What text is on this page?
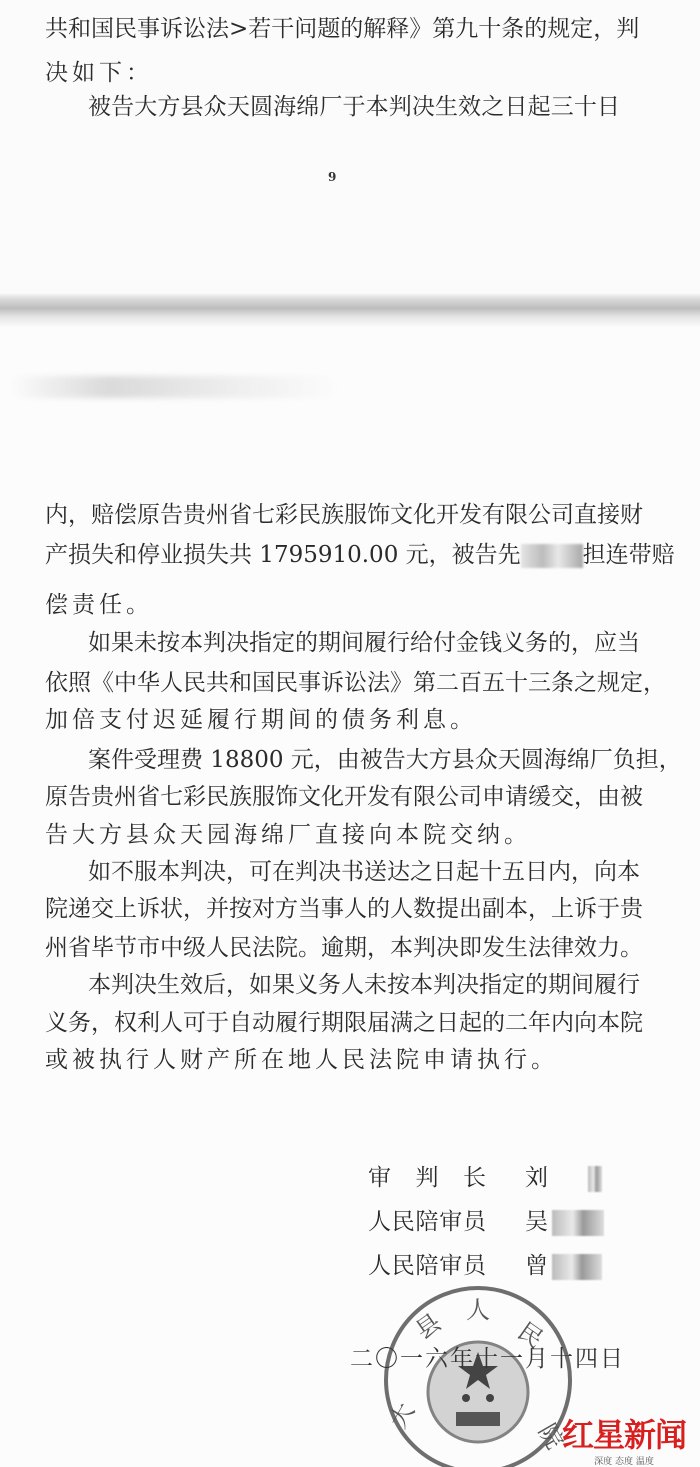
共和国民事诉讼法>若干问题的解释》第九十条的规定，判
决如下：
被告大方县众天圆海绵厂于本判决生效之日起三十日
9
内，赔偿原告贵州省七彩民族服饰文化开发有限公司直接财
产损失和停业损失共 1795910.00 元，被告先	担连带赔
偿责任。
如果未按本判决指定的期间履行给付金钱义务的，应当
依照《中华人民共和国民事诉讼法》第二百五十三条之规定，
加倍支付迟延履行期间的债务利息。
案件受理费 18800 元，由被告大方县众天圆海绵厂负担，
原告贵州省七彩民族服饰文化开发有限公司申请缓交，由被
告大方县众天园海绵厂直接向本院交纳。
如不服本判决，可在判决书送达之日起十五日内，向本
院递交上诉状，并按对方当事人的人数提出副本，上诉于贵
州省毕节市中级人民法院。逾期，本判决即发生法律效力。
本判决生效后，如果义务人未按本判决指定的期间履行
义务，权利人可于自动履行期限届满之日起的二年内向本院
或被执行人财产所在地人民法院申请执行。
审判长 刘
人民陪审员 吴
人民陪审员 曾
县 人
民
大
院
二〇一六年十一月十四日
红星新闻
深度 态度 温度
